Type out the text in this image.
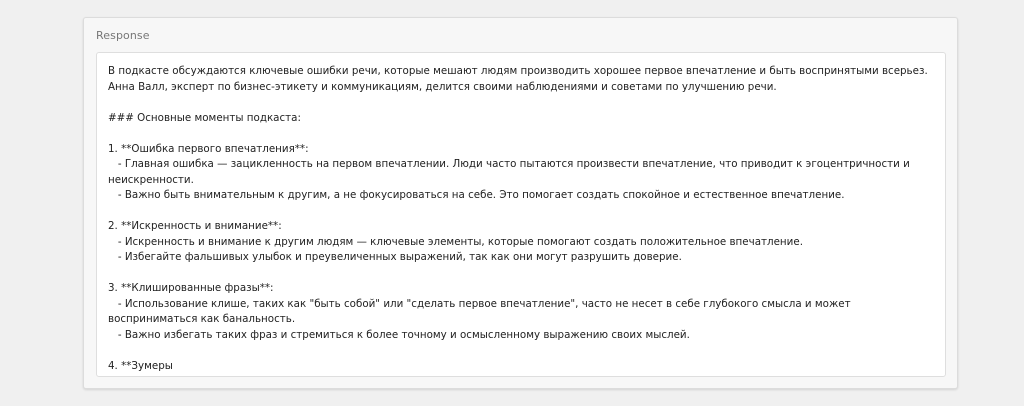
Response
В подкасте обсуждаются ключевые ошибки речи, которые мешают людям производить хорошее первое впечатление и быть воспринятыми всерьез. Анна Валл, эксперт по бизнес-этикету и коммуникациям, делится своими наблюдениями и советами по улучшению речи.

### Основные моменты подкаста:

1. **Ошибка первого впечатления**:
- Главная ошибка — зацикленность на первом впечатлении. Люди часто пытаются произвести впечатление, что приводит к эгоцентричности и неискренности.
- Важно быть внимательным к другим, а не фокусироваться на себе. Это помогает создать спокойное и естественное впечатление.

2. **Искренность и внимание**:
- Искренность и внимание к другим людям — ключевые элементы, которые помогают создать положительное впечатление.
- Избегайте фальшивых улыбок и преувеличенных выражений, так как они могут разрушить доверие.

3. **Клишированные фразы**:
- Использование клише, таких как "быть собой" или "сделать первое впечатление", часто не несет в себе глубокого смысла и может восприниматься как банальность.
- Важно избегать таких фраз и стремиться к более точному и осмысленному выражению своих мыслей.

4. **Зумеры
